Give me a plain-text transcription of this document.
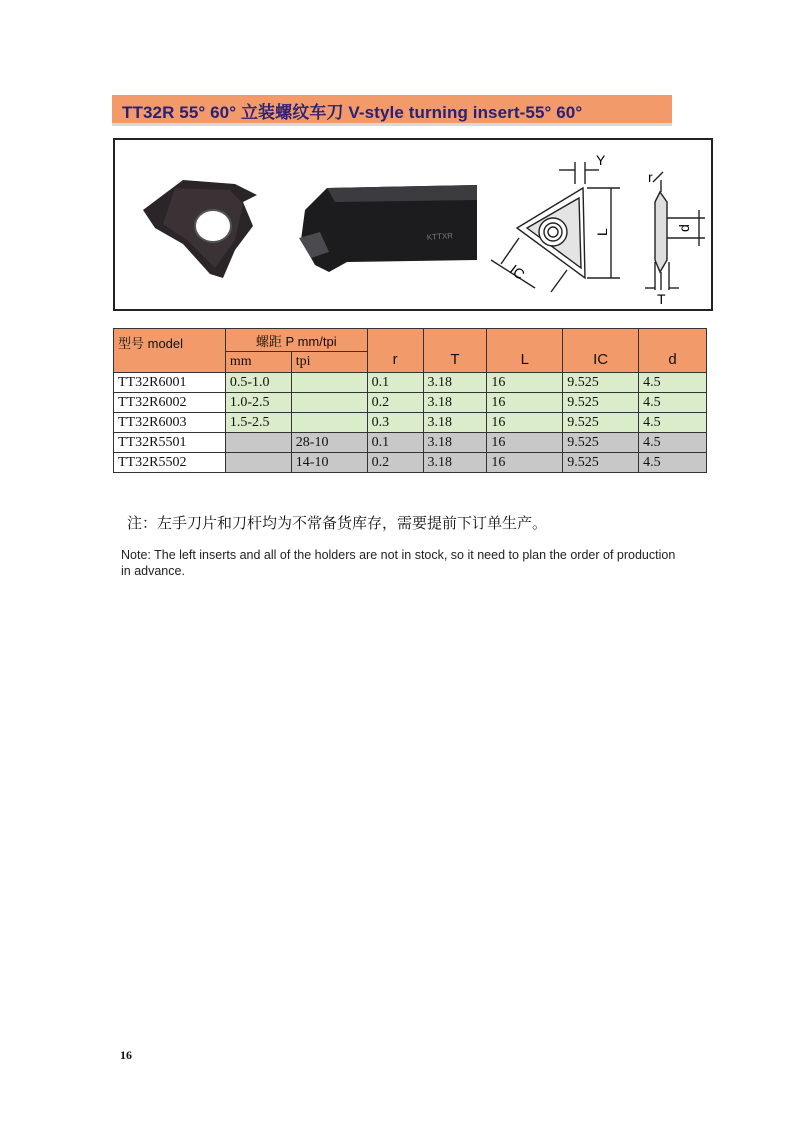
TT32R 55° 60° 立装螺纹车刀 V-style turning insert-55° 60°
KTTXR
Y
L
IC
r
d
T
型号 model	螺距 P mm/tpi		r	T	L	IC	d
	mm	tpi					
TT32R6001	0.5-1.0		0.1	3.18	16	9.525	4.5
TT32R6002	1.0-2.5		0.2	3.18	16	9.525	4.5
TT32R6003	1.5-2.5		0.3	3.18	16	9.525	4.5
TT32R5501		28-10	0.1	3.18	16	9.525	4.5
TT32R5502		14-10	0.2	3.18	16	9.525	4.5
注：左手刀片和刀杆均为不常备货库存，需要提前下订单生产。
Note: The left inserts and all of the holders are not in stock, so it need to plan the order of production in advance.
16
